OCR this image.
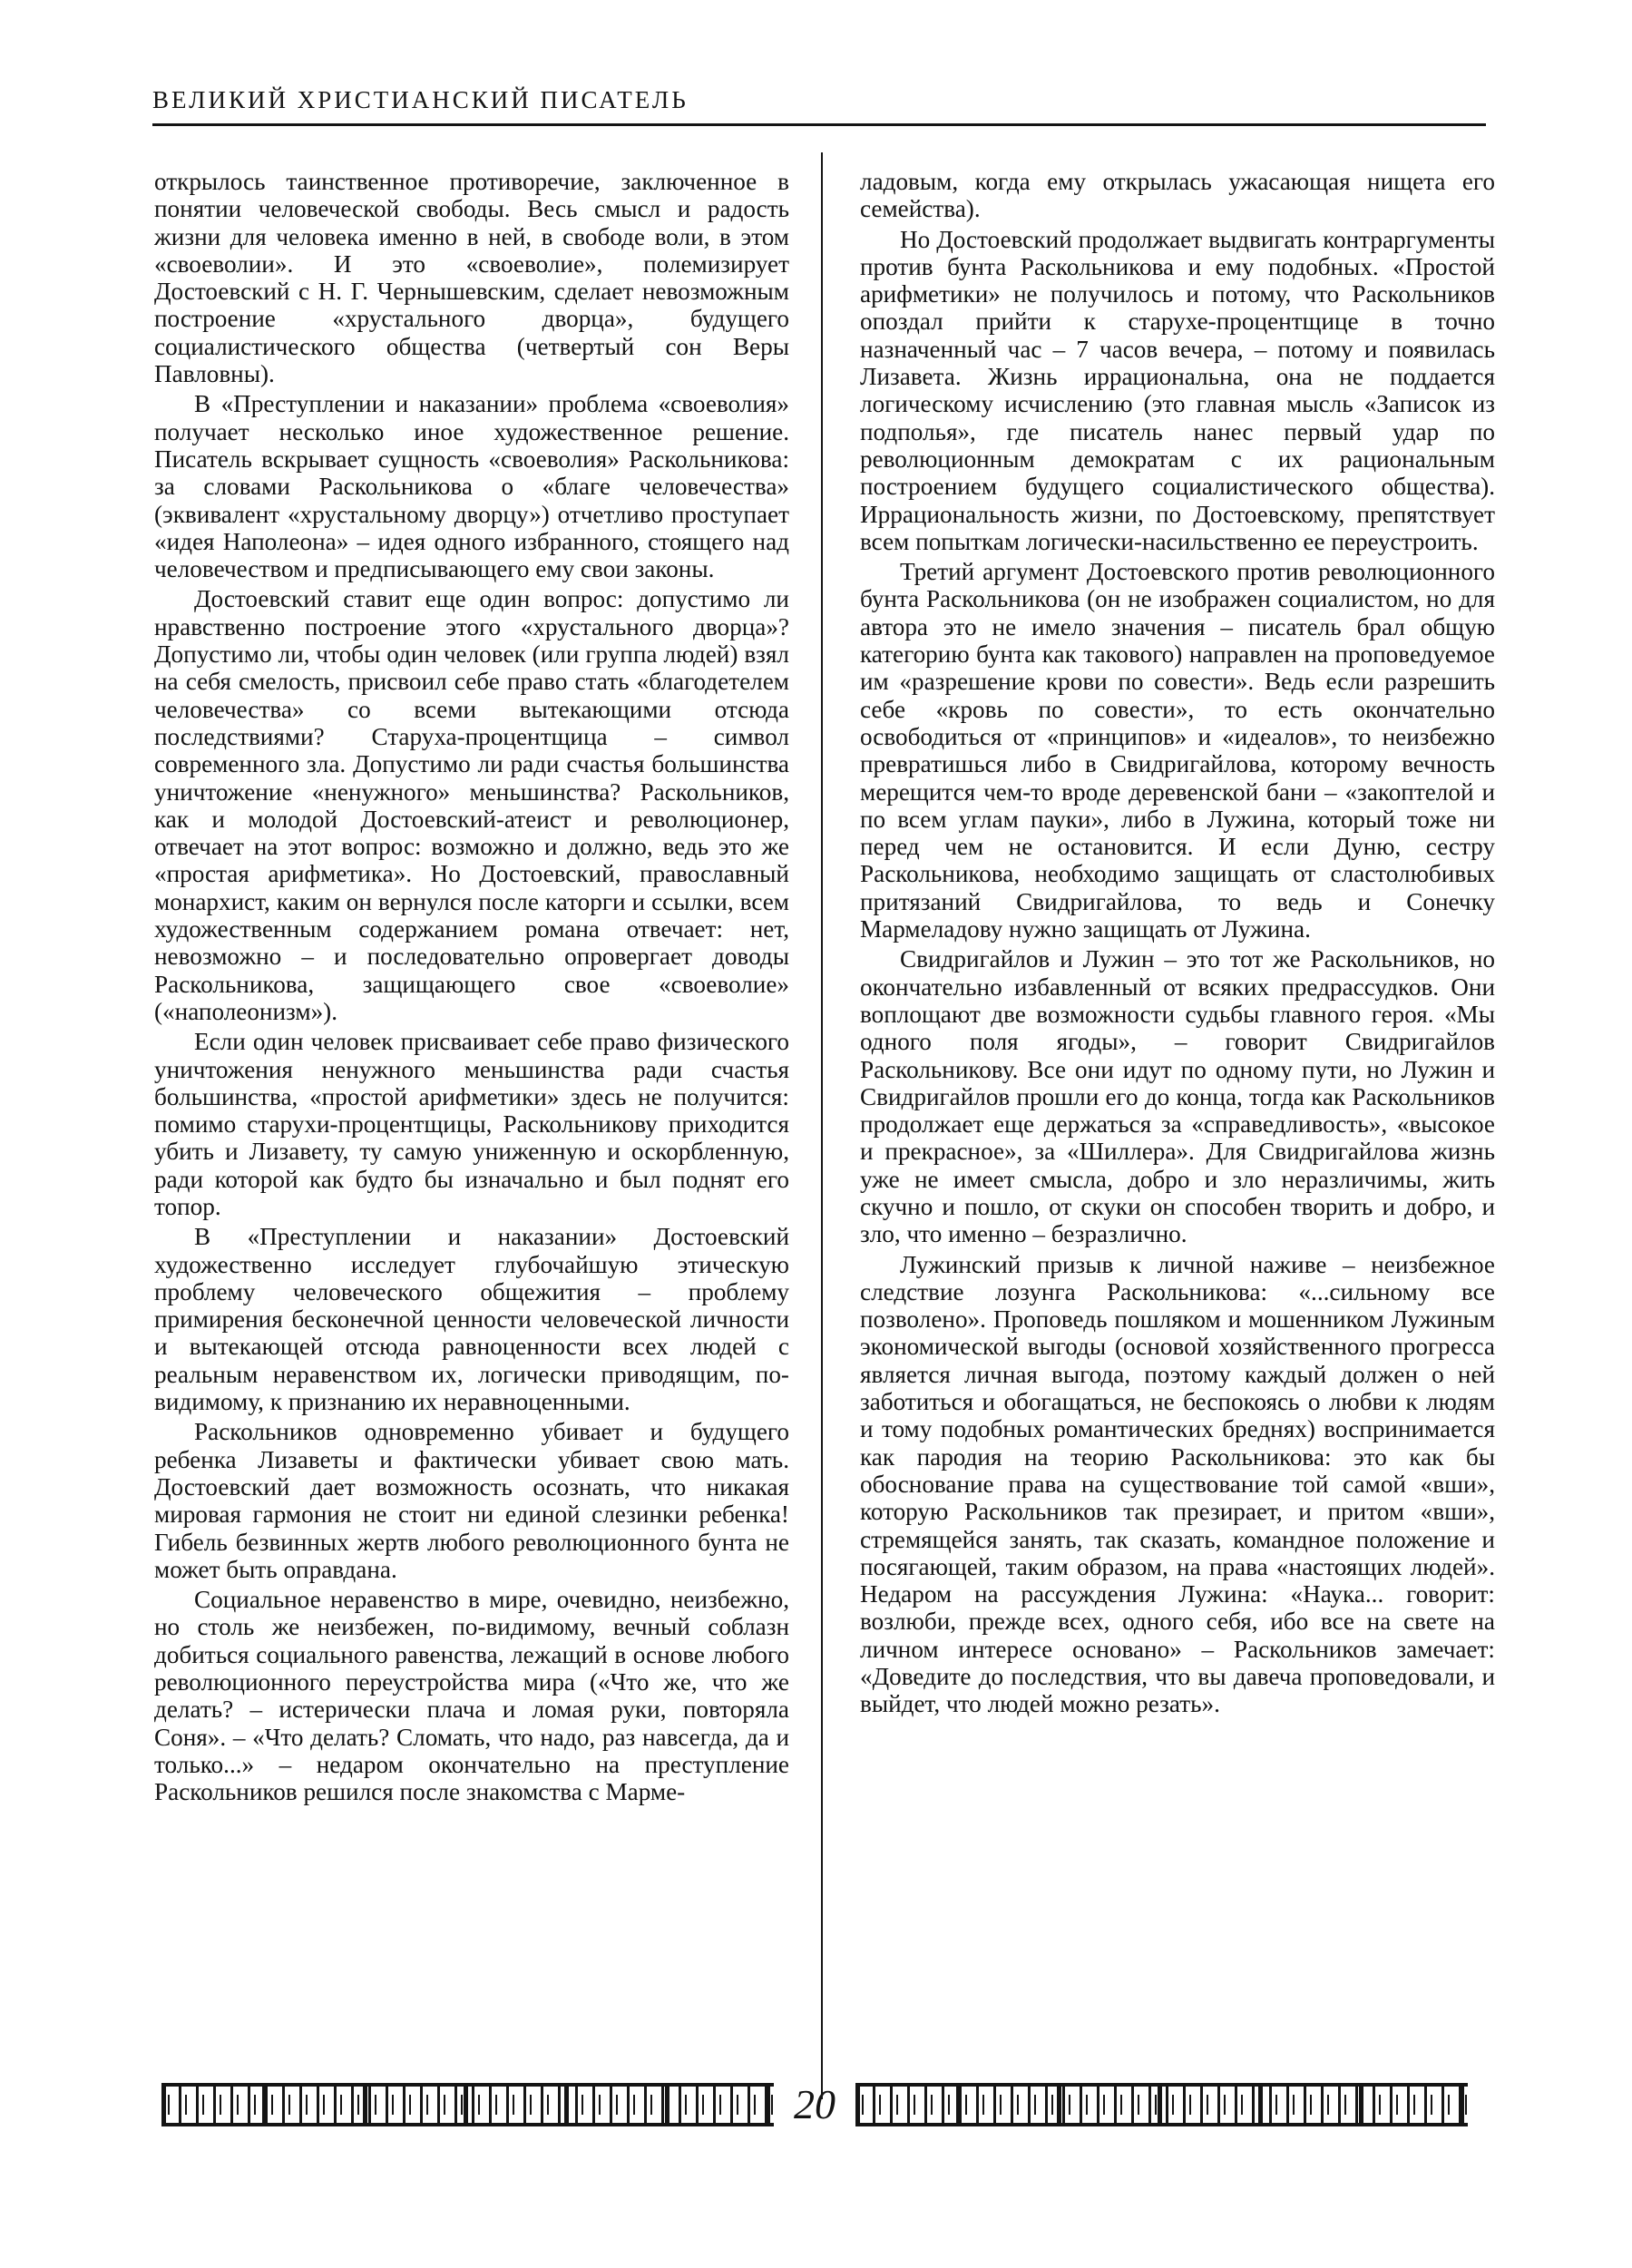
ВЕЛИКИЙ ХРИСТИАНСКИЙ ПИСАТЕЛЬ

открылось таинственное противоречие, заключенное в понятии человеческой свободы. Весь смысл и радость жизни для человека именно в ней, в свободе воли, в этом «своеволии». И это «своеволие», полемизирует Достоевский с Н. Г. Чернышевским, сделает невозможным построение «хрустального дворца», будущего социалистического общества (четвертый сон Веры Павловны).

В «Преступлении и наказании» проблема «своеволия» получает несколько иное художественное решение. Писатель вскрывает сущность «своеволия» Раскольникова: за словами Раскольникова о «благе человечества» (эквивалент «хрустальному дворцу») отчетливо проступает «идея Наполеона» – идея одного избранного, стоящего над человечеством и предписывающего ему свои законы.

Достоевский ставит еще один вопрос: допустимо ли нравственно построение этого «хрустального дворца»? Допустимо ли, чтобы один человек (или группа людей) взял на себя смелость, присвоил себе право стать «благодетелем человечества» со всеми вытекающими отсюда последствиями? Старуха-процентщица – символ современного зла. Допустимо ли ради счастья большинства уничтожение «ненужного» меньшинства? Раскольников, как и молодой Достоевский-атеист и революционер, отвечает на этот вопрос: возможно и должно, ведь это же «простая арифметика». Но Достоевский, православный монархист, каким он вернулся после каторги и ссылки, всем художественным содержанием романа отвечает: нет, невозможно – и последовательно опровергает доводы Раскольникова, защищающего свое «своеволие» («наполеонизм»).

Если один человек присваивает себе право физического уничтожения ненужного меньшинства ради счастья большинства, «простой арифметики» здесь не получится: помимо старухи-процентщицы, Раскольникову приходится убить и Лизавету, ту самую униженную и оскорбленную, ради которой как будто бы изначально и был поднят его топор.

В «Преступлении и наказании» Достоевский художественно исследует глубочайшую этическую проблему человеческого общежития – проблему примирения бесконечной ценности человеческой личности и вытекающей отсюда равноценности всех людей с реальным неравенством их, логически приводящим, по-видимому, к признанию их неравноценными.

Раскольников одновременно убивает и будущего ребенка Лизаветы и фактически убивает свою мать. Достоевский дает возможность осознать, что никакая мировая гармония не стоит ни единой слезинки ребенка! Гибель безвинных жертв любого революционного бунта не может быть оправдана.

Социальное неравенство в мире, очевидно, неизбежно, но столь же неизбежен, по-видимому, вечный соблазн добиться социального равенства, лежащий в основе любого революционного переустройства мира («Что же, что же делать? – истерически плача и ломая руки, повторяла Соня». – «Что делать? Сломать, что надо, раз навсегда, да и только...» – недаром окончательно на преступление Раскольников решился после знакомства с Марме-

ладовым, когда ему открылась ужасающая нищета его семейства).

Но Достоевский продолжает выдвигать контраргументы против бунта Раскольникова и ему подобных. «Простой арифметики» не получилось и потому, что Раскольников опоздал прийти к старухе-процентщице в точно назначенный час – 7 часов вечера, – потому и появилась Лизавета. Жизнь иррациональна, она не поддается логическому исчислению (это главная мысль «Записок из подполья», где писатель нанес первый удар по революционным демократам с их рациональным построением будущего социалистического общества). Иррациональность жизни, по Достоевскому, препятствует всем попыткам логически-насильственно ее переустроить.

Третий аргумент Достоевского против революционного бунта Раскольникова (он не изображен социалистом, но для автора это не имело значения – писатель брал общую категорию бунта как такового) направлен на проповедуемое им «разрешение крови по совести». Ведь если разрешить себе «кровь по совести», то есть окончательно освободиться от «принципов» и «идеалов», то неизбежно превратишься либо в Свидригайлова, которому вечность мерещится чем-то вроде деревенской бани – «закоптелой и по всем углам пауки», либо в Лужина, который тоже ни перед чем не остановится. И если Дуню, сестру Раскольникова, необходимо защищать от сластолюбивых притязаний Свидригайлова, то ведь и Сонечку Мармеладову нужно защищать от Лужина.

Свидригайлов и Лужин – это тот же Раскольников, но окончательно избавленный от всяких предрассудков. Они воплощают две возможности судьбы главного героя. «Мы одного поля ягоды», – говорит Свидригайлов Раскольникову. Все они идут по одному пути, но Лужин и Свидригайлов прошли его до конца, тогда как Раскольников продолжает еще держаться за «справедливость», «высокое и прекрасное», за «Шиллера». Для Свидригайлова жизнь уже не имеет смысла, добро и зло неразличимы, жить скучно и пошло, от скуки он способен творить и добро, и зло, что именно – безразлично.

Лужинский призыв к личной наживе – неизбежное следствие лозунга Раскольникова: «...сильному все позволено». Проповедь пошляком и мошенником Лужиным экономической выгоды (основой хозяйственного прогресса является личная выгода, поэтому каждый должен о ней заботиться и обогащаться, не беспокоясь о любви к людям и тому подобных романтических бреднях) воспринимается как пародия на теорию Раскольникова: это как бы обоснование права на существование той самой «вши», которую Раскольников так презирает, и притом «вши», стремящейся занять, так сказать, командное положение и посягающей, таким образом, на права «настоящих людей». Недаром на рассуждения Лужина: «Наука... говорит: возлюби, прежде всех, одного себя, ибо все на свете на личном интересе основано» – Раскольников замечает: «Доведите до последствия, что вы давеча проповедовали, и выйдет, что людей можно резать».

20
